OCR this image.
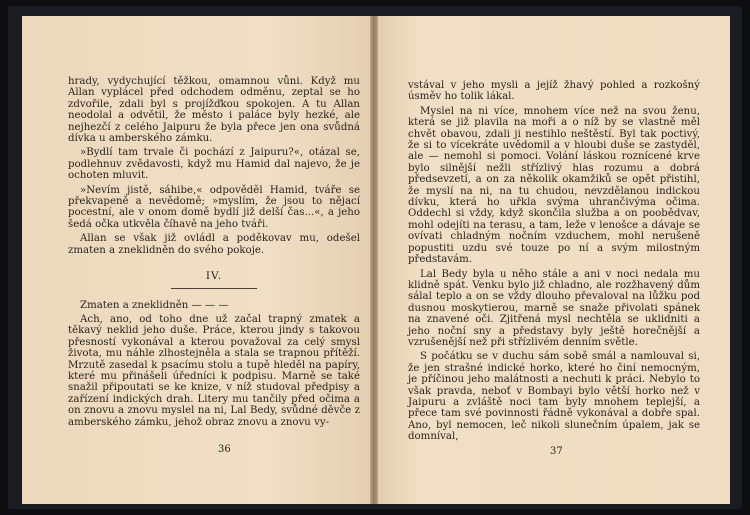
hrady, vydychující těžkou, omamnou vůni. Když mu Allan vyplácel před odchodem odměnu, zeptal se ho zdvořile, zdali byl s projížďkou spokojen. A tu Allan neodolal a odvětil, že město i paláce byly hezké, ale nejhezčí z celého Jaipuru že byla přece jen ona svůdná dívka u amberského zámku.

»Bydlí tam trvale či pochází z Jaipuru?«, otázal se, podlehnuv zvědavosti, když mu Hamid dal najevo, že je ochoten mluvit.

»Nevím jistě, sáhibe,« odpověděl Hamid, tváře se překvapeně a nevědomě; »myslím, že jsou to nějací pocestní, ale v onom domě bydlí již delší čas...«, a jeho šedá očka utkvěla číhavě na jeho tváři.

Allan se však již ovládl a poděkovav mu, odešel zmaten a zneklidněn do svého pokoje.

IV.

Zmaten a zneklidněn — — —

Ach, ano, od toho dne už začal trapný zmatek a těkavý neklid jeho duše. Práce, kterou jindy s takovou přesností vykonával a kterou považoval za celý smysl života, mu náhle zlhostejněla a stala se trapnou přítěží. Mrzutě zasedal k psacímu stolu a tupě hleděl na papíry, které mu přinášeli úředníci k podpisu. Marně se také snažil připoutati se ke knize, v níž studoval předpisy a zařízení indických drah. Litery mu tančily před očima a on znovu a znovu myslel na ni, Lal Bedy, svůdné děvče z amberského zámku, jehož obraz znovu a znovu vy-

36

vstával v jeho mysli a jejíž žhavý pohled a rozkošný úsměv ho tolik lákal.

Myslel na ni více, mnohem více než na svou ženu, která se již plavila na moři a o níž by se vlastně měl chvět obavou, zdali ji nestihlo neštěstí. Byl tak poctivý, že si to vícekráte uvědomil a v hloubi duše se zastyděl, ale — nemohl si pomoci. Volání láskou roznícené krve bylo silnější nežli střízlivý hlas rozumu a dobrá předsevzetí, a on za několik okamžiků se opět přistihl, že myslí na ni, na tu chudou, nevzdělanou indickou dívku, která ho uřkla svýma uhrančivýma očima. Oddechl si vždy, když skončila služba a on poobědvav, mohl odejíti na terasu, a tam, leže v lenošce a dávaje se ovívati chladným nočním vzduchem, mohl nerušeně popustiti uzdu své touze po ní a svým milostným představám.

Lal Bedy byla u něho stále a ani v noci nedala mu klidně spát. Venku bylo již chladno, ale rozžhavený dům sálal teplo a on se vždy dlouho převaloval na lůžku pod dusnou moskytierou, marně se snaže přivolati spánek na znavené oči. Zjitřená mysl nechtěla se uklidniti a jeho noční sny a představy byly ještě horečnější a vzrušenější než při střízlivém denním světle.

S počátku se v duchu sám sobě smál a namlouval si, že jen strašné indické horko, které ho činí nemocným, je příčinou jeho malátnosti a nechuti k práci. Nebylo to však pravda, neboť v Bombayi bylo větší horko než v Jaipuru a zvláště noci tam byly mnohem teplejší, a přece tam své povinnosti řádně vykonával a dobře spal. Ano, byl nemocen, leč nikoli slunečním úpalem, jak se domníval,

37
